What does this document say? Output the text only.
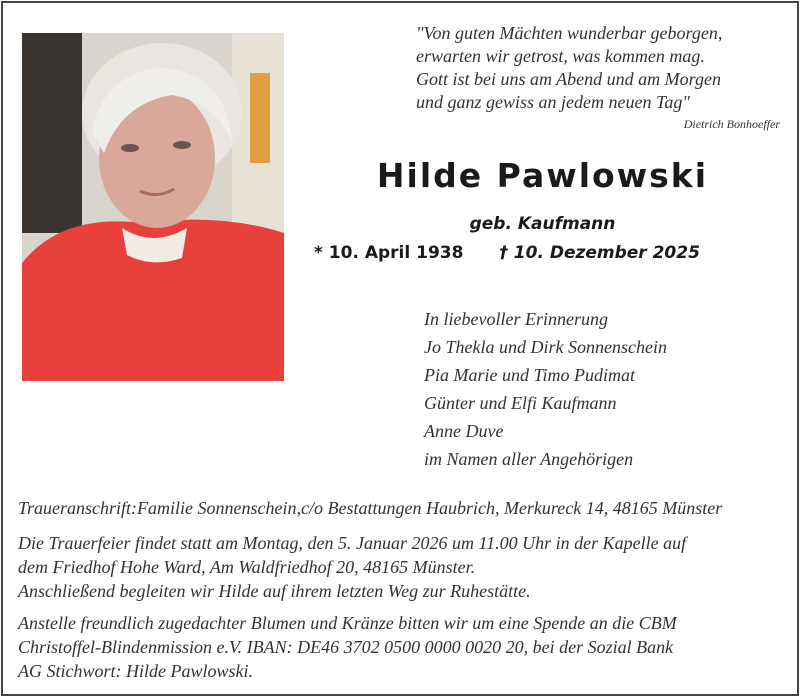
"Von guten Mächten wunderbar geborgen,
erwarten wir getrost, was kommen mag.
Gott ist bei uns am Abend und am Morgen
und ganz gewiss an jedem neuen Tag"
Dietrich Bonhoeffer
Hilde Pawlowski
geb. Kaufmann
* 10. April 1938 † 10. Dezember 2025
In liebevoller Erinnerung
Jo Thekla und Dirk Sonnenschein
Pia Marie und Timo Pudimat
Günter und Elfi Kaufmann
Anne Duve
im Namen aller Angehörigen
Traueranschrift:Familie Sonnenschein,c/o Bestattungen Haubrich, Merkureck 14, 48165 Münster
Die Trauerfeier findet statt am Montag, den 5. Januar 2026 um 11.00 Uhr in der Kapelle auf
dem Friedhof Hohe Ward, Am Waldfriedhof 20, 48165 Münster.
Anschließend begleiten wir Hilde auf ihrem letzten Weg zur Ruhestätte.
Anstelle freundlich zugedachter Blumen und Kränze bitten wir um eine Spende an die CBM
Christoffel-Blindenmission e.V. IBAN: DE46 3702 0500 0000 0020 20, bei der Sozial Bank
AG Stichwort: Hilde Pawlowski.
